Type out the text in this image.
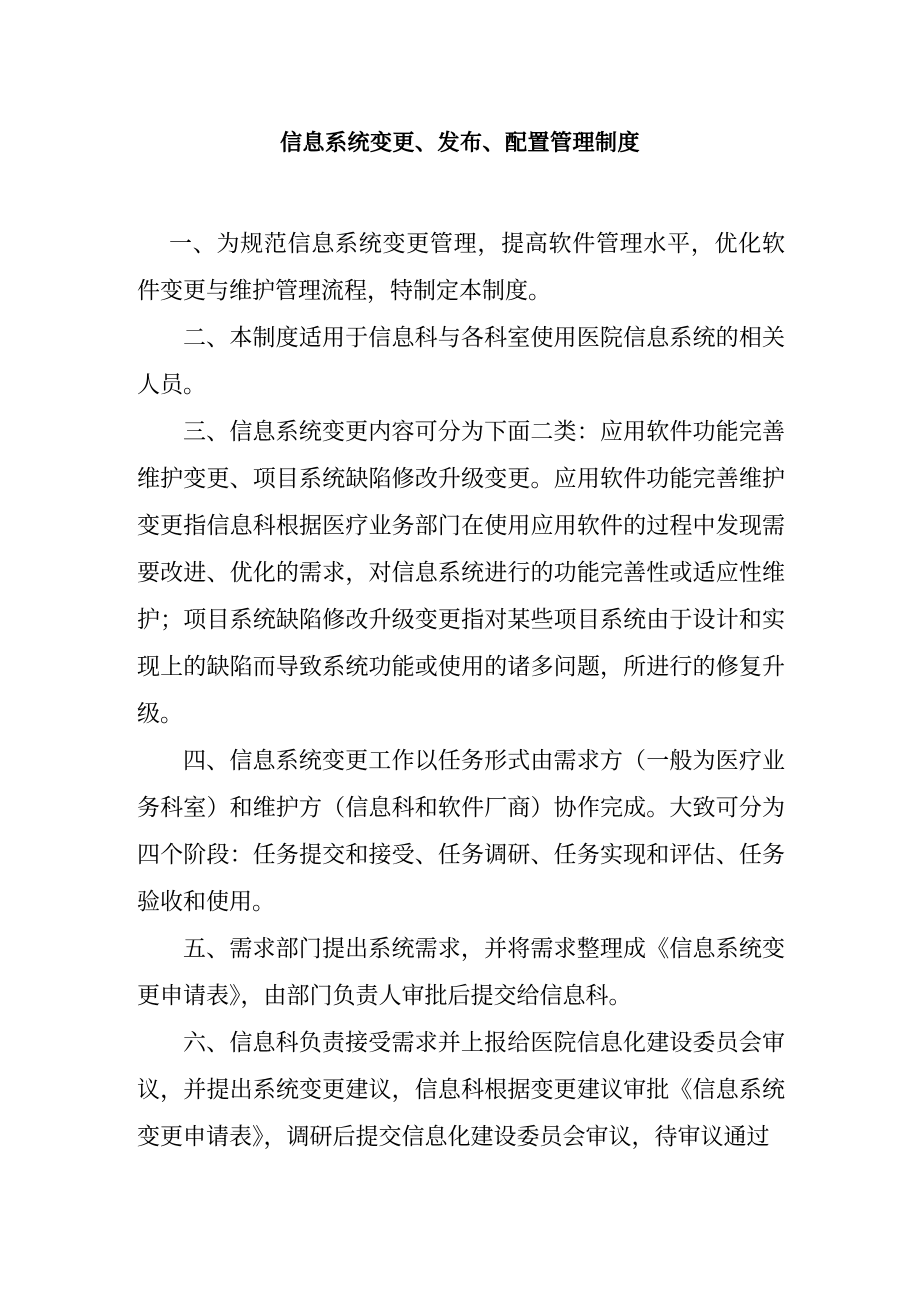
信息系统变更、发布、配置管理制度

一、为规范信息系统变更管理，提高软件管理水平，优化软件变更与维护管理流程，特制定本制度。

二、本制度适用于信息科与各科室使用医院信息系统的相关人员。

三、信息系统变更内容可分为下面二类：应用软件功能完善维护变更、项目系统缺陷修改升级变更。应用软件功能完善维护变更指信息科根据医疗业务部门在使用应用软件的过程中发现需要改进、优化的需求，对信息系统进行的功能完善性或适应性维护；项目系统缺陷修改升级变更指对某些项目系统由于设计和实现上的缺陷而导致系统功能或使用的诸多问题，所进行的修复升级。

四、信息系统变更工作以任务形式由需求方（一般为医疗业务科室）和维护方（信息科和软件厂商）协作完成。大致可分为四个阶段：任务提交和接受、任务调研、任务实现和评估、任务验收和使用。

五、需求部门提出系统需求，并将需求整理成《信息系统变更申请表》，由部门负责人审批后提交给信息科。

六、信息科负责接受需求并上报给医院信息化建设委员会审议，并提出系统变更建议，信息科根据变更建议审批《信息系统变更申请表》，调研后提交信息化建设委员会审议，待审议通过
